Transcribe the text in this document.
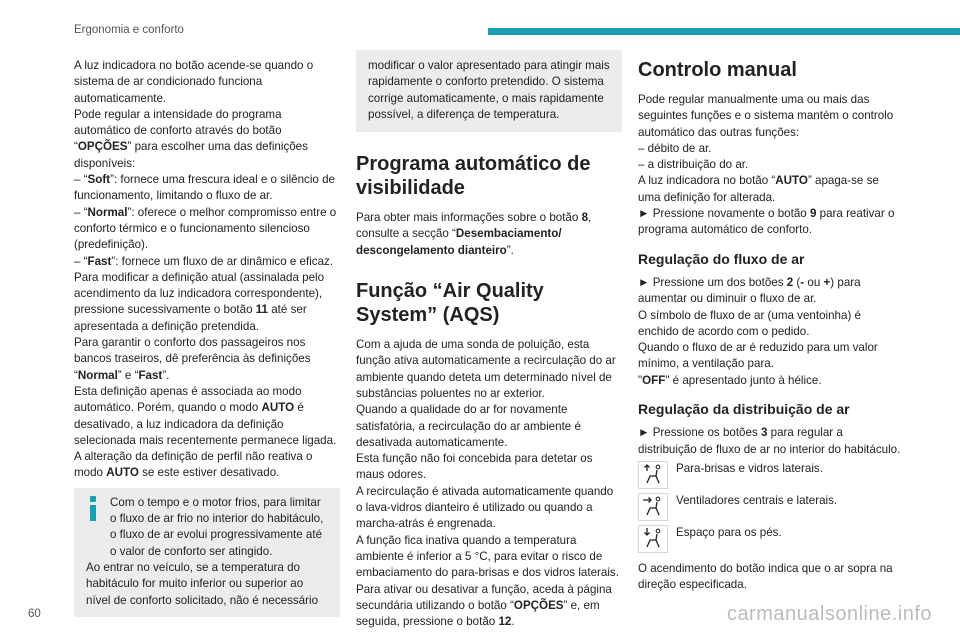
Ergonomia e conforto

A luz indicadora no botão acende-se quando o sistema de ar condicionado funciona automaticamente.

Pode regular a intensidade do programa automático de conforto através do botão “OPÇÕES” para escolher uma das definições disponíveis:

– “Soft”: fornece uma frescura ideal e o silêncio de funcionamento, limitando o fluxo de ar.

– “Normal”: oferece o melhor compromisso entre o conforto térmico e o funcionamento silencioso (predefinição).

– “Fast”: fornece um fluxo de ar dinâmico e eficaz.

Para modificar a definição atual (assinalada pelo acendimento da luz indicadora correspondente), pressione sucessivamente o botão 11 até ser apresentada a definição pretendida.

Para garantir o conforto dos passageiros nos bancos traseiros, dê preferência às definições “Normal” e “Fast”.

Esta definição apenas é associada ao modo automático. Porém, quando o modo AUTO é desativado, a luz indicadora da definição selecionada mais recentemente permanece ligada.

A alteração da definição de perfil não reativa o modo AUTO se este estiver desativado.

Com o tempo e o motor frios, para limitar o fluxo de ar frio no interior do habitáculo, o fluxo de ar evolui progressivamente até o valor de conforto ser atingido.

Ao entrar no veículo, se a temperatura do habitáculo for muito inferior ou superior ao nível de conforto solicitado, não é necessário

modificar o valor apresentado para atingir mais rapidamente o conforto pretendido. O sistema corrige automaticamente, o mais rapidamente possível, a diferença de temperatura.

Programa automático de visibilidade

Para obter mais informações sobre o botão 8, consulte a secção “Desembaciamento/ descongelamento dianteiro”.

Função “Air Quality System” (AQS)

Com a ajuda de uma sonda de poluição, esta função ativa automaticamente a recirculação do ar ambiente quando deteta um determinado nível de substâncias poluentes no ar exterior.

Quando a qualidade do ar for novamente satisfatória, a recirculação do ar ambiente é desativada automaticamente.

Esta função não foi concebida para detetar os maus odores.

A recirculação é ativada automaticamente quando o lava-vidros dianteiro é utilizado ou quando a marcha-atrás é engrenada.

A função fica inativa quando a temperatura ambiente é inferior a 5 °C, para evitar o risco de embaciamento do para-brisas e dos vidros laterais.

Para ativar ou desativar a função, aceda à página secundária utilizando o botão “OPÇÕES” e, em seguida, pressione o botão 12.

Controlo manual

Pode regular manualmente uma ou mais das seguintes funções e o sistema mantém o controlo automático das outras funções:

– débito de ar.

– a distribuição do ar.

A luz indicadora no botão “AUTO” apaga-se se uma definição for alterada.

► Pressione novamente o botão 9 para reativar o programa automático de conforto.

Regulação do fluxo de ar

► Pressione um dos botões 2 (- ou +) para aumentar ou diminuir o fluxo de ar.

O símbolo de fluxo de ar (uma ventoinha) é enchido de acordo com o pedido.

Quando o fluxo de ar é reduzido para um valor mínimo, a ventilação para.

"OFF" é apresentado junto à hélice.

Regulação da distribuição de ar

► Pressione os botões 3 para regular a distribuição de fluxo de ar no interior do habitáculo.

Para-brisas e vidros laterais.
Ventiladores centrais e laterais.
Espaço para os pés.

O acendimento do botão indica que o ar sopra na direção especificada.

60	carmanualsonline.info
